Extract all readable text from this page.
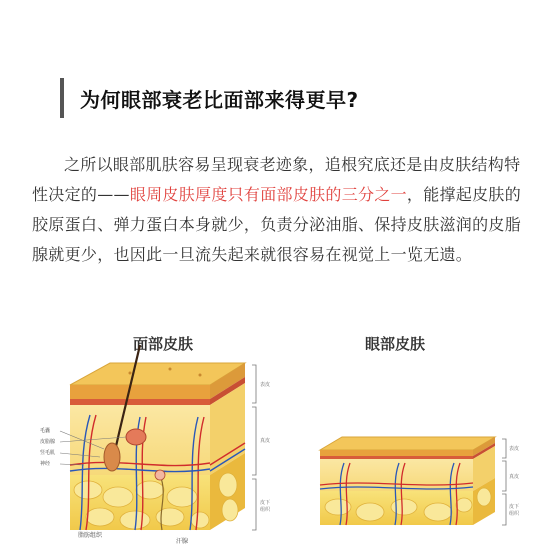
为何眼部衰老比面部来得更早?
之所以眼部肌肤容易呈现衰老迹象，追根究底还是由皮肤结构特性决定的——眼周皮肤厚度只有面部皮肤的三分之一，能撑起皮肤的胶原蛋白、弹力蛋白本身就少，负责分泌油脂、保持皮肤滋润的皮脂腺就更少，也因此一旦流失起来就很容易在视觉上一览无遗。
面部皮肤	眼部皮肤
表皮
真皮
皮下组织
表皮
真皮
皮下组织
毛囊
皮脂腺
竖毛肌
神经
脂肪组织
汗腺
